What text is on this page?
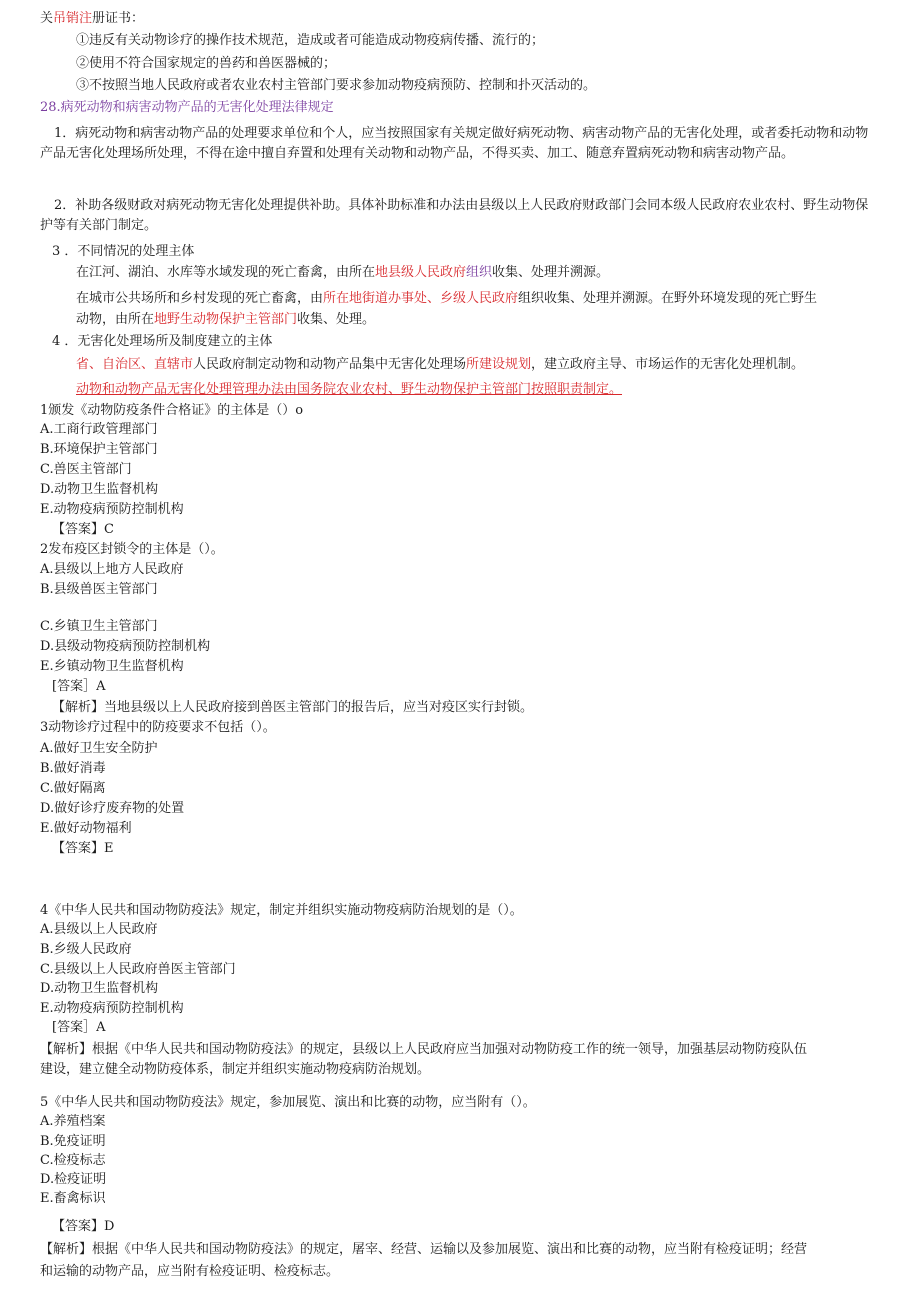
关吊销注册证书：
①违反有关动物诊疗的操作技术规范，造成或者可能造成动物疫病传播、流行的；
②使用不符合国家规定的兽药和兽医器械的；
③不按照当地人民政府或者农业农村主管部门要求参加动物疫病预防、控制和扑灭活动的。
28.病死动物和病害动物产品的无害化处理法律规定
1．病死动物和病害动物产品的处理要求单位和个人，应当按照国家有关规定做好病死动物、病害动物产品的无害化处理，或者委托动物和动物产品无害化处理场所处理，不得在途中擅自弃置和处理有关动物和动物产品，不得买卖、加工、随意弃置病死动物和病害动物产品。
2．补助各级财政对病死动物无害化处理提供补助。具体补助标准和办法由县级以上人民政府财政部门会同本级人民政府农业农村、野生动物保护等有关部门制定。
3 ．不同情况的处理主体
在江河、湖泊、水库等水域发现的死亡畜禽，由所在地县级人民政府组织收集、处理并溯源。
在城市公共场所和乡村发现的死亡畜禽，由所在地街道办事处、乡级人民政府组织收集、处理并溯源。在野外环境发现的死亡野生
动物，由所在地野生动物保护主管部门收集、处理。
4 ．无害化处理场所及制度建立的主体
省、自治区、直辖市人民政府制定动物和动物产品集中无害化处理场所建设规划，建立政府主导、市场运作的无害化处理机制。
动物和动物产品无害化处理管理办法由国务院农业农村、野生动物保护主管部门按照职责制定。
1颁发《动物防疫条件合格证》的主体是（）o
A.工商行政管理部门
B.环境保护主管部门
C.兽医主管部门
D.动物卫生监督机构
E.动物疫病预防控制机构
【答案】C
2发布疫区封锁令的主体是（）。
A.县级以上地方人民政府
B.县级兽医主管部门
C.乡镇卫生主管部门
D.县级动物疫病预防控制机构
E.乡镇动物卫生监督机构
[答案］A
【解析】当地县级以上人民政府接到兽医主管部门的报告后，应当对疫区实行封锁。
3动物诊疗过程中的防疫要求不包括（）。
A.做好卫生安全防护
B.做好消毒
C.做好隔离
D.做好诊疗废弃物的处置
E.做好动物福利
【答案】E
4《中华人民共和国动物防疫法》规定，制定并组织实施动物疫病防治规划的是（）。
A.县级以上人民政府
B.乡级人民政府
C.县级以上人民政府兽医主管部门
D.动物卫生监督机构
E.动物疫病预防控制机构
[答案］A
【解析】根据《中华人民共和国动物防疫法》的规定，县级以上人民政府应当加强对动物防疫工作的统一领导，加强基层动物防疫队伍
建设，建立健全动物防疫体系，制定并组织实施动物疫病防治规划。
5《中华人民共和国动物防疫法》规定，参加展览、演出和比赛的动物，应当附有（）。
A.养殖档案
B.免疫证明
C.检疫标志
D.检疫证明
E.畜禽标识
【答案】D
【解析】根据《中华人民共和国动物防疫法》的规定，屠宰、经营、运输以及参加展览、演出和比赛的动物，应当附有检疫证明；经营
和运输的动物产品，应当附有检疫证明、检疫标志。
